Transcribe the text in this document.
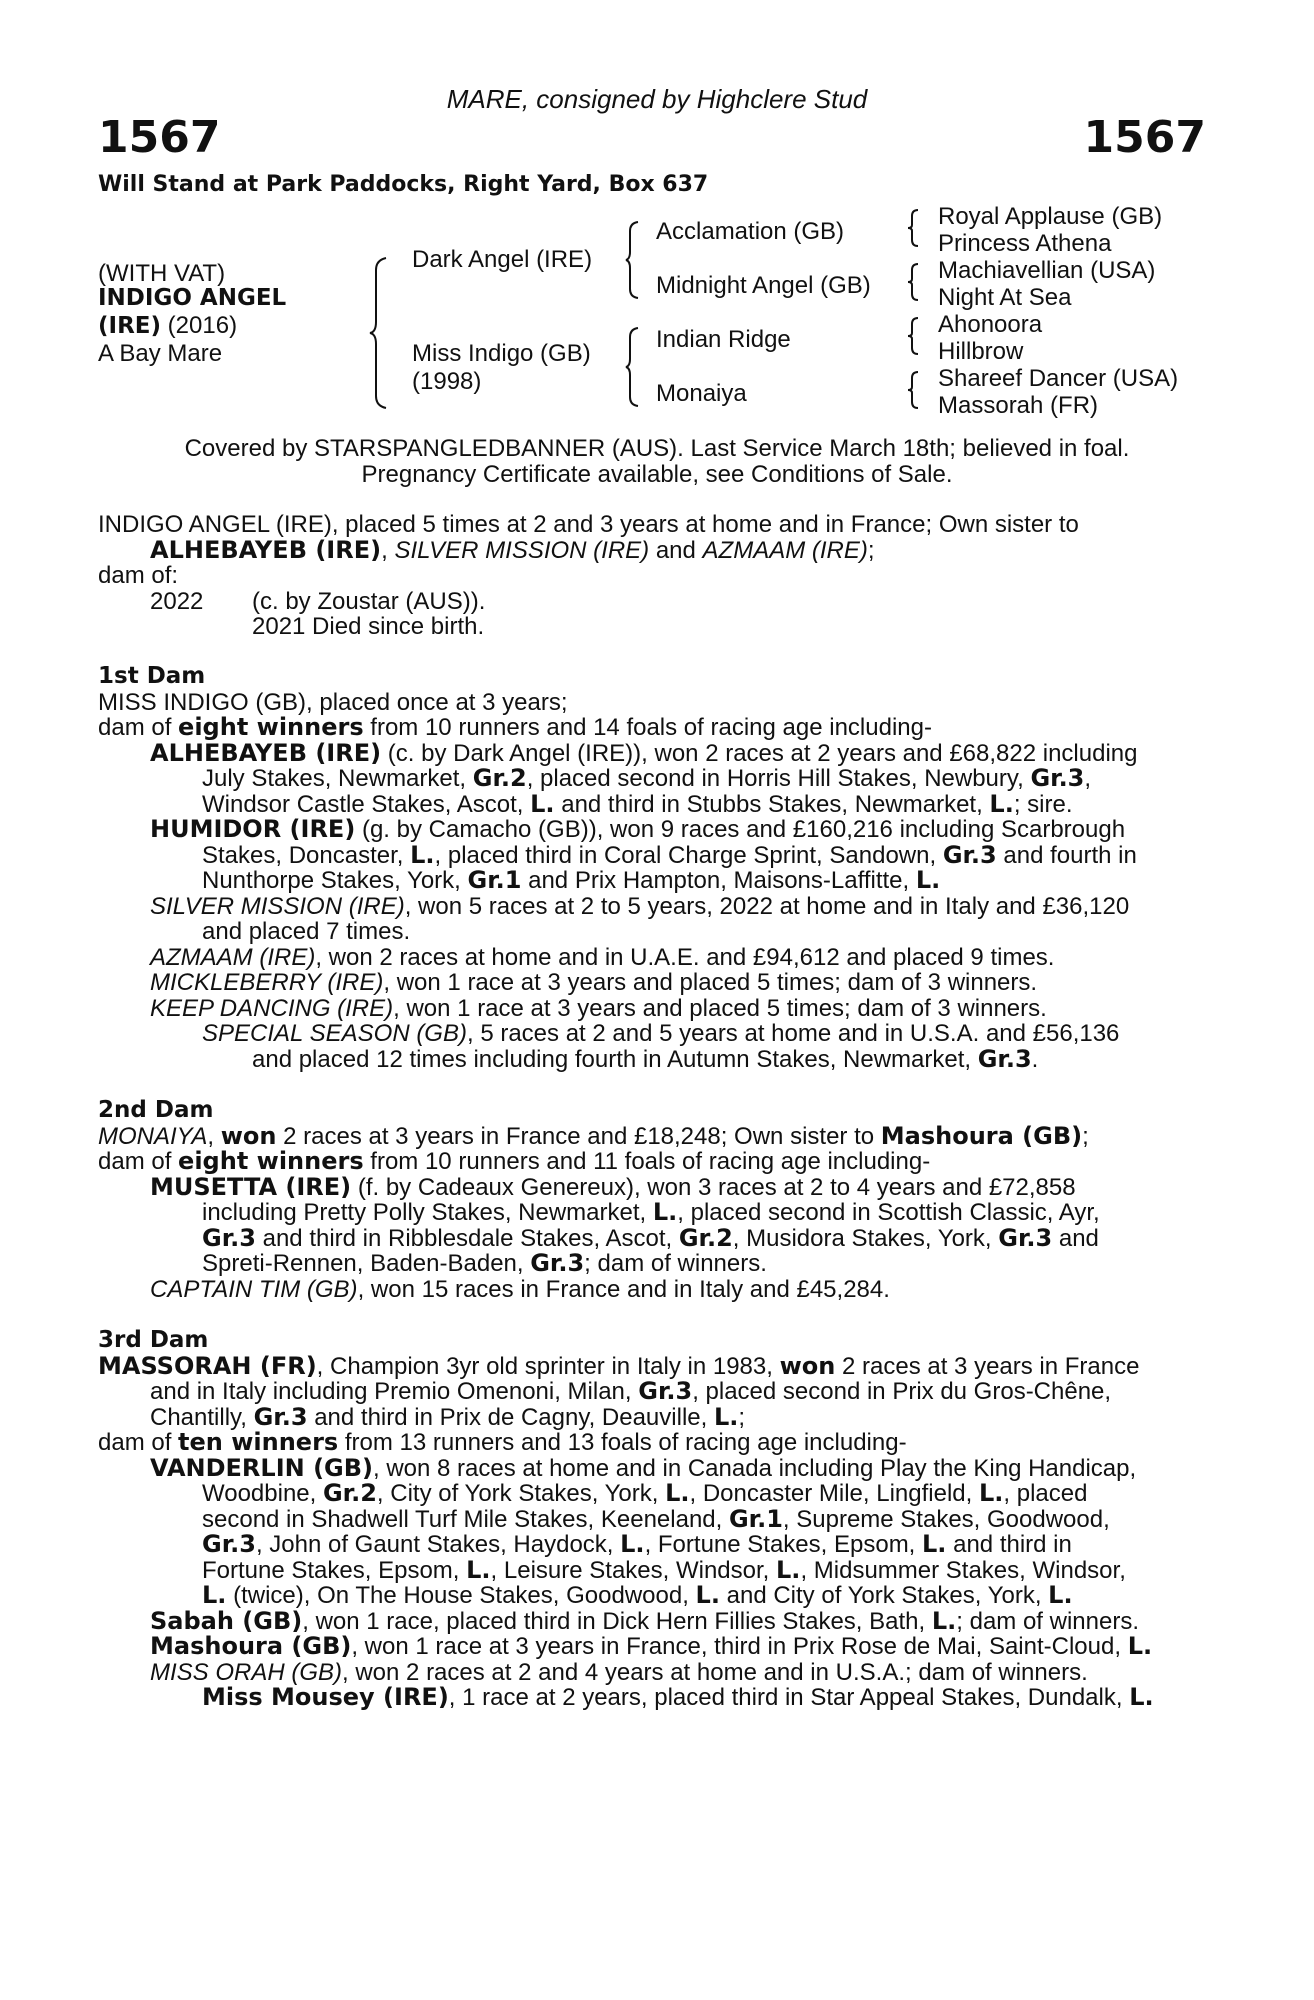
MARE, consigned by Highclere Stud
1567	1567
Will Stand at Park Paddocks, Right Yard, Box 637
(WITH VAT)
INDIGO ANGEL
(IRE) (2016)
A Bay Mare
Dark Angel (IRE)
Miss Indigo (GB)
(1998)
Acclamation (GB)
Midnight Angel (GB)
Indian Ridge
Monaiya
Royal Applause (GB)
Princess Athena
Machiavellian (USA)
Night At Sea
Ahonoora
Hillbrow
Shareef Dancer (USA)
Massorah (FR)
Covered by STARSPANGLEDBANNER (AUS). Last Service March 18th; believed in foal.
Pregnancy Certificate available, see Conditions of Sale.
INDIGO ANGEL (IRE), placed 5 times at 2 and 3 years at home and in France; Own sister to
ALHEBAYEB (IRE), SILVER MISSION (IRE) and AZMAAM (IRE);
dam of:
2022 (c. by Zoustar (AUS)).
2021 Died since birth.
1st Dam
MISS INDIGO (GB), placed once at 3 years;
dam of eight winners from 10 runners and 14 foals of racing age including-
ALHEBAYEB (IRE) (c. by Dark Angel (IRE)), won 2 races at 2 years and £68,822 including
July Stakes, Newmarket, Gr.2, placed second in Horris Hill Stakes, Newbury, Gr.3,
Windsor Castle Stakes, Ascot, L. and third in Stubbs Stakes, Newmarket, L.; sire.
HUMIDOR (IRE) (g. by Camacho (GB)), won 9 races and £160,216 including Scarbrough
Stakes, Doncaster, L., placed third in Coral Charge Sprint, Sandown, Gr.3 and fourth in
Nunthorpe Stakes, York, Gr.1 and Prix Hampton, Maisons-Laffitte, L.
SILVER MISSION (IRE), won 5 races at 2 to 5 years, 2022 at home and in Italy and £36,120
and placed 7 times.
AZMAAM (IRE), won 2 races at home and in U.A.E. and £94,612 and placed 9 times.
MICKLEBERRY (IRE), won 1 race at 3 years and placed 5 times; dam of 3 winners.
KEEP DANCING (IRE), won 1 race at 3 years and placed 5 times; dam of 3 winners.
SPECIAL SEASON (GB), 5 races at 2 and 5 years at home and in U.S.A. and £56,136
and placed 12 times including fourth in Autumn Stakes, Newmarket, Gr.3.
2nd Dam
MONAIYA, won 2 races at 3 years in France and £18,248; Own sister to Mashoura (GB);
dam of eight winners from 10 runners and 11 foals of racing age including-
MUSETTA (IRE) (f. by Cadeaux Genereux), won 3 races at 2 to 4 years and £72,858
including Pretty Polly Stakes, Newmarket, L., placed second in Scottish Classic, Ayr,
Gr.3 and third in Ribblesdale Stakes, Ascot, Gr.2, Musidora Stakes, York, Gr.3 and
Spreti-Rennen, Baden-Baden, Gr.3; dam of winners.
CAPTAIN TIM (GB), won 15 races in France and in Italy and £45,284.
3rd Dam
MASSORAH (FR), Champion 3yr old sprinter in Italy in 1983, won 2 races at 3 years in France
and in Italy including Premio Omenoni, Milan, Gr.3, placed second in Prix du Gros-Chêne,
Chantilly, Gr.3 and third in Prix de Cagny, Deauville, L.;
dam of ten winners from 13 runners and 13 foals of racing age including-
VANDERLIN (GB), won 8 races at home and in Canada including Play the King Handicap,
Woodbine, Gr.2, City of York Stakes, York, L., Doncaster Mile, Lingfield, L., placed
second in Shadwell Turf Mile Stakes, Keeneland, Gr.1, Supreme Stakes, Goodwood,
Gr.3, John of Gaunt Stakes, Haydock, L., Fortune Stakes, Epsom, L. and third in
Fortune Stakes, Epsom, L., Leisure Stakes, Windsor, L., Midsummer Stakes, Windsor,
L. (twice), On The House Stakes, Goodwood, L. and City of York Stakes, York, L.
Sabah (GB), won 1 race, placed third in Dick Hern Fillies Stakes, Bath, L.; dam of winners.
Mashoura (GB), won 1 race at 3 years in France, third in Prix Rose de Mai, Saint-Cloud, L.
MISS ORAH (GB), won 2 races at 2 and 4 years at home and in U.S.A.; dam of winners.
Miss Mousey (IRE), 1 race at 2 years, placed third in Star Appeal Stakes, Dundalk, L.
